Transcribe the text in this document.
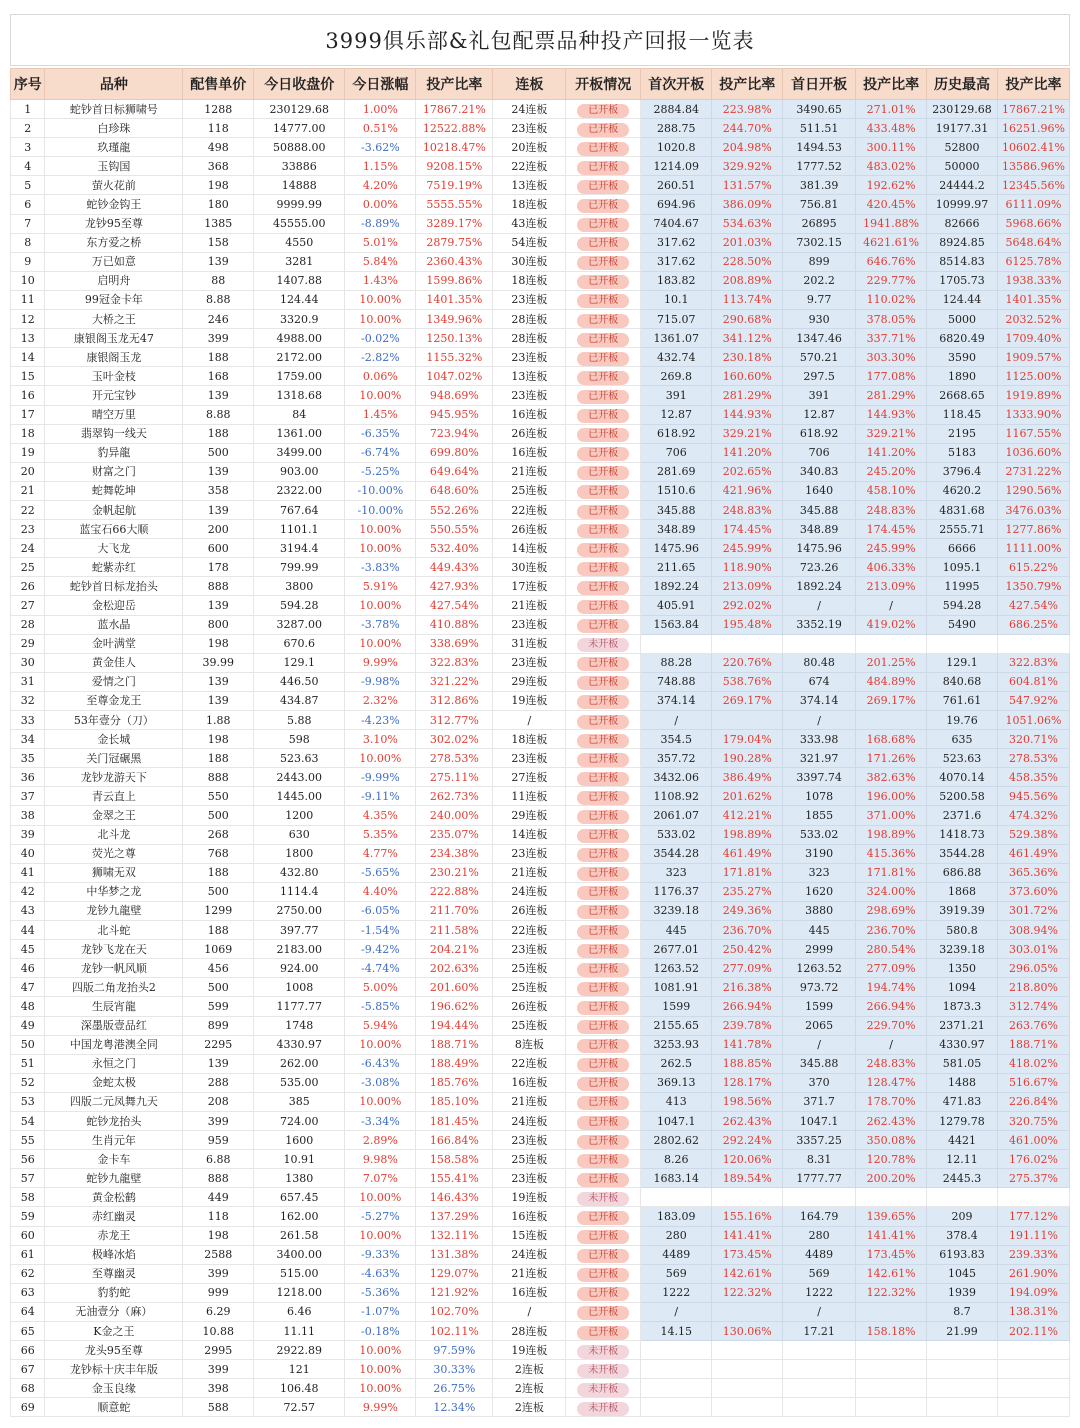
3999俱乐部&礼包配票品种投产回报一览表
序号	品种	配售单价	今日收盘价	今日涨幅	投产比率	连板	开板情况	首次开板	投产比率	首日开板	投产比率	历史最高	投产比率
1	蛇钞首日标狮啸号	1288	230129.68	1.00%	17867.21%	24连板	已开板	2884.84	223.98%	3490.65	271.01%	230129.68	17867.21%
2	白珍珠	118	14777.00	0.51%	12522.88%	23连板	已开板	288.75	244.70%	511.51	433.48%	19177.31	16251.96%
3	玖瑾龍	498	50888.00	-3.62%	10218.47%	20连板	已开板	1020.8	204.98%	1494.53	300.11%	52800	10602.41%
4	玉钩国	368	33886	1.15%	9208.15%	22连板	已开板	1214.09	329.92%	1777.52	483.02%	50000	13586.96%
5	萤火花前	198	14888	4.20%	7519.19%	13连板	已开板	260.51	131.57%	381.39	192.62%	24444.2	12345.56%
6	蛇钞金钩王	180	9999.99	0.00%	5555.55%	18连板	已开板	694.96	386.09%	756.81	420.45%	10999.97	6111.09%
7	龙钞95至尊	1385	45555.00	-8.89%	3289.17%	43连板	已开板	7404.67	534.63%	26895	1941.88%	82666	5968.66%
8	东方爱之桥	158	4550	5.01%	2879.75%	54连板	已开板	317.62	201.03%	7302.15	4621.61%	8924.85	5648.64%
9	万已如意	139	3281	5.84%	2360.43%	30连板	已开板	317.62	228.50%	899	646.76%	8514.83	6125.78%
10	启明舟	88	1407.88	1.43%	1599.86%	18连板	已开板	183.82	208.89%	202.2	229.77%	1705.73	1938.33%
11	99冠金卡年	8.88	124.44	10.00%	1401.35%	23连板	已开板	10.1	113.74%	9.77	110.02%	124.44	1401.35%
12	大桥之王	246	3320.9	10.00%	1349.96%	28连板	已开板	715.07	290.68%	930	378.05%	5000	2032.52%
13	康银阁玉龙无47	399	4988.00	-0.02%	1250.13%	28连板	已开板	1361.07	341.12%	1347.46	337.71%	6820.49	1709.40%
14	康银阁玉龙	188	2172.00	-2.82%	1155.32%	23连板	已开板	432.74	230.18%	570.21	303.30%	3590	1909.57%
15	玉叶金枝	168	1759.00	0.06%	1047.02%	13连板	已开板	269.8	160.60%	297.5	177.08%	1890	1125.00%
16	开元宝钞	139	1318.68	10.00%	948.69%	23连板	已开板	391	281.29%	391	281.29%	2668.65	1919.89%
17	晴空万里	8.88	84	1.45%	945.95%	16连板	已开板	12.87	144.93%	12.87	144.93%	118.45	1333.90%
18	翡翠钩一线天	188	1361.00	-6.35%	723.94%	26连板	已开板	618.92	329.21%	618.92	329.21%	2195	1167.55%
19	豹异龍	500	3499.00	-6.74%	699.80%	16连板	已开板	706	141.20%	706	141.20%	5183	1036.60%
20	财富之门	139	903.00	-5.25%	649.64%	21连板	已开板	281.69	202.65%	340.83	245.20%	3796.4	2731.22%
21	蛇舞乾坤	358	2322.00	-10.00%	648.60%	25连板	已开板	1510.6	421.96%	1640	458.10%	4620.2	1290.56%
22	金帆起航	139	767.64	-10.00%	552.26%	22连板	已开板	345.88	248.83%	345.88	248.83%	4831.68	3476.03%
23	蓝宝石66大顺	200	1101.1	10.00%	550.55%	26连板	已开板	348.89	174.45%	348.89	174.45%	2555.71	1277.86%
24	大飞龙	600	3194.4	10.00%	532.40%	14连板	已开板	1475.96	245.99%	1475.96	245.99%	6666	1111.00%
25	蛇紫赤红	178	799.99	-3.83%	449.43%	30连板	已开板	211.65	118.90%	723.26	406.33%	1095.1	615.22%
26	蛇钞首日标龙抬头	888	3800	5.91%	427.93%	17连板	已开板	1892.24	213.09%	1892.24	213.09%	11995	1350.79%
27	金松迎岳	139	594.28	10.00%	427.54%	21连板	已开板	405.91	292.02%	/	/	594.28	427.54%
28	蓝水晶	800	3287.00	-3.78%	410.88%	23连板	已开板	1563.84	195.48%	3352.19	419.02%	5490	686.25%
29	金叶满堂	198	670.6	10.00%	338.69%	31连板	未开板						
30	黄金佳人	39.99	129.1	9.99%	322.83%	23连板	已开板	88.28	220.76%	80.48	201.25%	129.1	322.83%
31	爱情之门	139	446.50	-9.98%	321.22%	29连板	已开板	748.88	538.76%	674	484.89%	840.68	604.81%
32	至尊金龙王	139	434.87	2.32%	312.86%	19连板	已开板	374.14	269.17%	374.14	269.17%	761.61	547.92%
33	53年壹分（刀）	1.88	5.88	-4.23%	312.77%	/	已开板	/		/		19.76	1051.06%
34	金长城	198	598	3.10%	302.02%	18连板	已开板	354.5	179.04%	333.98	168.68%	635	320.71%
35	关门冠碾黑	188	523.63	10.00%	278.53%	23连板	已开板	357.72	190.28%	321.97	171.26%	523.63	278.53%
36	龙钞龙游天下	888	2443.00	-9.99%	275.11%	27连板	已开板	3432.06	386.49%	3397.74	382.63%	4070.14	458.35%
37	青云直上	550	1445.00	-9.11%	262.73%	11连板	已开板	1108.92	201.62%	1078	196.00%	5200.58	945.56%
38	金翠之王	500	1200	4.35%	240.00%	29连板	已开板	2061.07	412.21%	1855	371.00%	2371.6	474.32%
39	北斗龙	268	630	5.35%	235.07%	14连板	已开板	533.02	198.89%	533.02	198.89%	1418.73	529.38%
40	荧光之尊	768	1800	4.77%	234.38%	23连板	已开板	3544.28	461.49%	3190	415.36%	3544.28	461.49%
41	狮啸无双	188	432.80	-5.65%	230.21%	21连板	已开板	323	171.81%	323	171.81%	686.88	365.36%
42	中华梦之龙	500	1114.4	4.40%	222.88%	24连板	已开板	1176.37	235.27%	1620	324.00%	1868	373.60%
43	龙钞九龍壁	1299	2750.00	-6.05%	211.70%	26连板	已开板	3239.18	249.36%	3880	298.69%	3919.39	301.72%
44	北斗蛇	188	397.77	-1.54%	211.58%	22连板	已开板	445	236.70%	445	236.70%	580.8	308.94%
45	龙钞飞龙在天	1069	2183.00	-9.42%	204.21%	23连板	已开板	2677.01	250.42%	2999	280.54%	3239.18	303.01%
46	龙钞一帆风顺	456	924.00	-4.74%	202.63%	25连板	已开板	1263.52	277.09%	1263.52	277.09%	1350	296.05%
47	四版二角龙抬头2	500	1008	5.00%	201.60%	25连板	已开板	1081.91	216.38%	973.72	194.74%	1094	218.80%
48	生辰宵龍	599	1177.77	-5.85%	196.62%	26连板	已开板	1599	266.94%	1599	266.94%	1873.3	312.74%
49	深墨版壹品红	899	1748	5.94%	194.44%	25连板	已开板	2155.65	239.78%	2065	229.70%	2371.21	263.76%
50	中国龙粤港澳全同	2295	4330.97	10.00%	188.71%	8连板	已开板	3253.93	141.78%	/	/	4330.97	188.71%
51	永恒之门	139	262.00	-6.43%	188.49%	22连板	已开板	262.5	188.85%	345.88	248.83%	581.05	418.02%
52	金蛇太极	288	535.00	-3.08%	185.76%	16连板	已开板	369.13	128.17%	370	128.47%	1488	516.67%
53	四版二元凤舞九天	208	385	10.00%	185.10%	21连板	已开板	413	198.56%	371.7	178.70%	471.83	226.84%
54	蛇钞龙抬头	399	724.00	-3.34%	181.45%	24连板	已开板	1047.1	262.43%	1047.1	262.43%	1279.78	320.75%
55	生肖元年	959	1600	2.89%	166.84%	23连板	已开板	2802.62	292.24%	3357.25	350.08%	4421	461.00%
56	金卡车	6.88	10.91	9.98%	158.58%	25连板	已开板	8.26	120.06%	8.31	120.78%	12.11	176.02%
57	蛇钞九龍壁	888	1380	7.07%	155.41%	23连板	已开板	1683.14	189.54%	1777.77	200.20%	2445.3	275.37%
58	黄金松鹤	449	657.45	10.00%	146.43%	19连板	未开板						
59	赤红幽灵	118	162.00	-5.27%	137.29%	16连板	已开板	183.09	155.16%	164.79	139.65%	209	177.12%
60	赤龙王	198	261.58	10.00%	132.11%	15连板	已开板	280	141.41%	280	141.41%	378.4	191.11%
61	极峰冰焰	2588	3400.00	-9.33%	131.38%	24连板	已开板	4489	173.45%	4489	173.45%	6193.83	239.33%
62	至尊幽灵	399	515.00	-4.63%	129.07%	21连板	已开板	569	142.61%	569	142.61%	1045	261.90%
63	豹豹蛇	999	1218.00	-5.36%	121.92%	16连板	已开板	1222	122.32%	1222	122.32%	1939	194.09%
64	无油壹分（麻）	6.29	6.46	-1.07%	102.70%	/	已开板	/		/		8.7	138.31%
65	K金之王	10.88	11.11	-0.18%	102.11%	28连板	已开板	14.15	130.06%	17.21	158.18%	21.99	202.11%
66	龙头95至尊	2995	2922.89	10.00%	97.59%	19连板	未开板						
67	龙钞标十庆丰年版	399	121	10.00%	30.33%	2连板	未开板						
68	金玉良缘	398	106.48	10.00%	26.75%	2连板	未开板						
69	顺意蛇	588	72.57	9.99%	12.34%	2连板	未开板						
